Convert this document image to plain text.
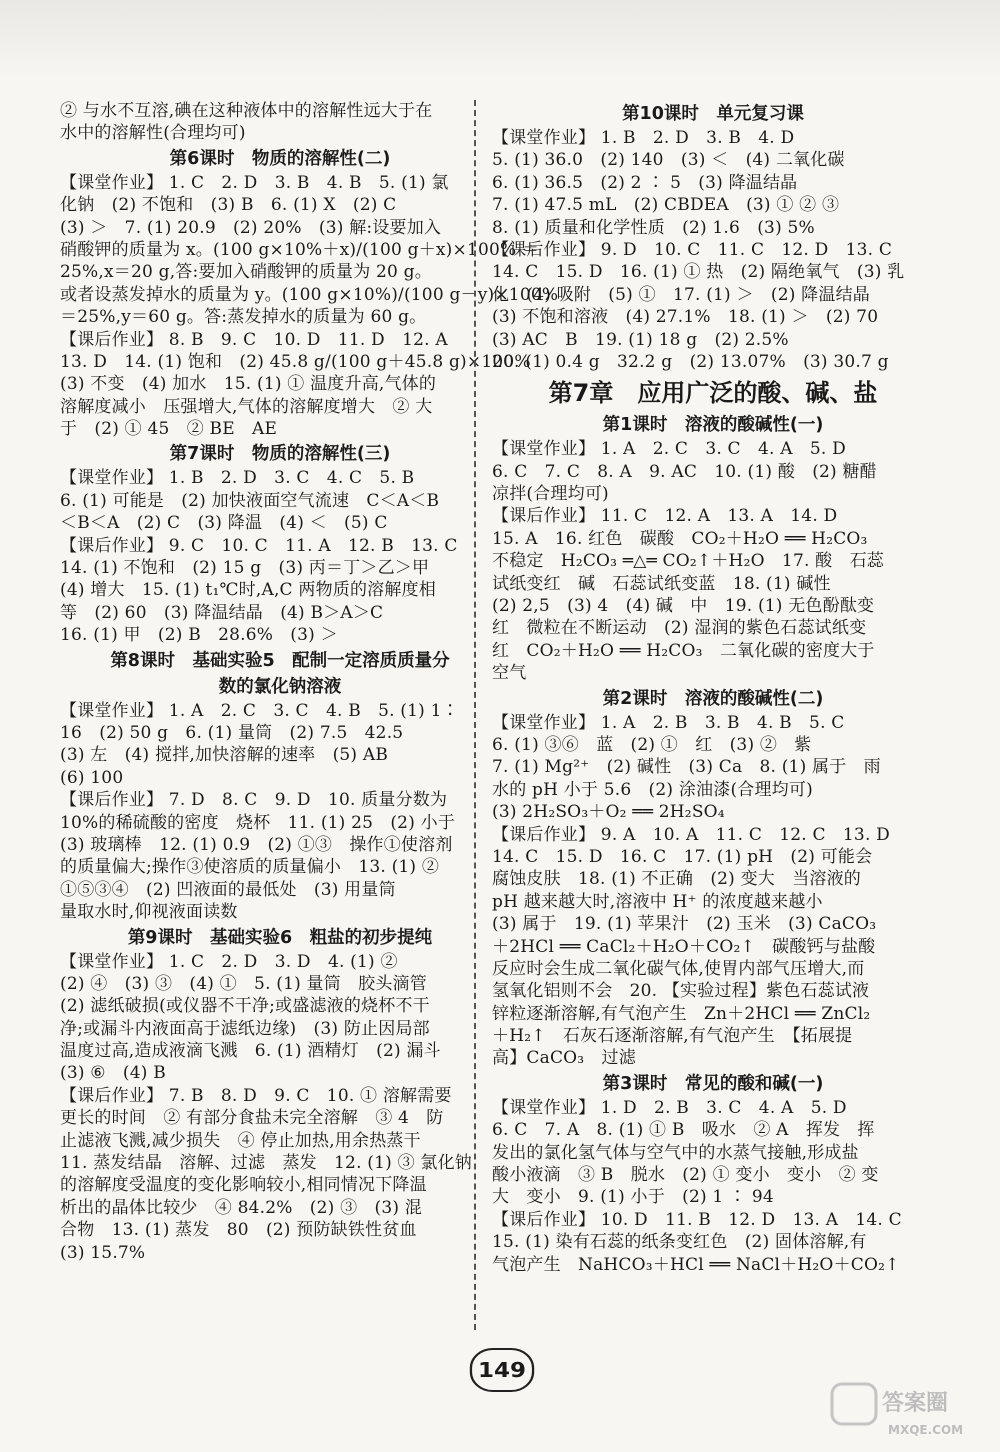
② 与水不互溶,碘在这种液体中的溶解性远大于在
水中的溶解性(合理均可)
第6课时　物质的溶解性(二)
【课堂作业】 1. C　2. D　3. B　4. B　5. (1) 氯
化钠　(2) 不饱和　(3) B　6. (1) X　(2) C
(3) ＞　7. (1) 20.9　(2) 20%　(3) 解:设要加入
硝酸钾的质量为 x。(100 g×10%＋x)/(100 g＋x)×100% ＝
25%,x＝20 g,答:要加入硝酸钾的质量为 20 g。
或者设蒸发掉水的质量为 y。(100 g×10%)/(100 g－y)×100%
＝25%,y＝60 g。答:蒸发掉水的质量为 60 g。
【课后作业】 8. B　9. C　10. D　11. D　12. A
13. D　14. (1) 饱和　(2) 45.8 g/(100 g＋45.8 g)×100%
(3) 不变　(4) 加水　15. (1) ① 温度升高,气体的
溶解度减小　压强增大,气体的溶解度增大　② 大
于　(2) ① 45　② BE　AE
第7课时　物质的溶解性(三)
【课堂作业】 1. B　2. D　3. C　4. C　5. B
6. (1) 可能是　(2) 加快液面空气流速　C＜A＜B
＜B＜A　(2) C　(3) 降温　(4) ＜　(5) C
【课后作业】 9. C　10. C　11. A　12. B　13. C
14. (1) 不饱和　(2) 15 g　(3) 丙＝丁＞乙＞甲
(4) 增大　15. (1) t₁℃时,A,C 两物质的溶解度相
等　(2) 60　(3) 降温结晶　(4) B＞A＞C
16. (1) 甲　(2) B　28.6%　(3) ＞
第8课时　基础实验5　配制一定溶质质量分
数的氯化钠溶液
【课堂作业】 1. A　2. C　3. C　4. B　5. (1) 1∶
16　(2) 50 g　6. (1) 量筒　(2) 7.5　42.5
(3) 左　(4) 搅拌,加快溶解的速率　(5) AB
(6) 100
【课后作业】 7. D　8. C　9. D　10. 质量分数为
10%的稀硫酸的密度　烧杯　11. (1) 25　(2) 小于
(3) 玻璃棒　12. (1) 0.9　(2) ①③　操作①使溶剂
的质量偏大;操作③使溶质的质量偏小　13. (1) ②
①⑤③④　(2) 凹液面的最低处　(3) 用量筒
量取水时,仰视液面读数
第9课时　基础实验6　粗盐的初步提纯
【课堂作业】 1. C　2. D　3. D　4. (1) ②
(2) ④　(3) ③　(4) ①　5. (1) 量筒　胶头滴管
(2) 滤纸破损(或仪器不干净;或盛滤液的烧杯不干
净;或漏斗内液面高于滤纸边缘)　(3) 防止因局部
温度过高,造成液滴飞溅　6. (1) 酒精灯　(2) 漏斗
(3) ⑥　(4) B
【课后作业】 7. B　8. D　9. C　10. ① 溶解需要
更长的时间　② 有部分食盐未完全溶解　③ 4　防
止滤液飞溅,减少损失　④ 停止加热,用余热蒸干
11. 蒸发结晶　溶解、过滤　蒸发　12. (1) ③ 氯化钠
的溶解度受温度的变化影响较小,相同情况下降温
析出的晶体比较少　④ 84.2%　(2) ③　(3) 混
合物　13. (1) 蒸发　80　(2) 预防缺铁性贫血
(3) 15.7%
第10课时　单元复习课
【课堂作业】 1. B　2. D　3. B　4. D
5. (1) 36.0　(2) 140　(3) ＜　(4) 二氧化碳
6. (1) 36.5　(2) 2 ∶ 5　(3) 降温结晶
7. (1) 47.5 mL　(2) CBDEA　(3) ① ② ③
8. (1) 质量和化学性质　(2) 1.6　(3) 5%
【课后作业】 9. D　10. C　11. C　12. D　13. C
14. C　15. D　16. (1) ① 热　(2) 隔绝氧气　(3) 乳
化　(4) 吸附　(5) ①　17. (1) ＞　(2) 降温结晶
(3) 不饱和溶液　(4) 27.1%　18. (1) ＞　(2) 70
(3) AC　B　19. (1) 18 g　(2) 2.5%
20. (1) 0.4 g　32.2 g　(2) 13.07%　(3) 30.7 g
第7章　应用广泛的酸、碱、盐
第1课时　溶液的酸碱性(一)
【课堂作业】 1. A　2. C　3. C　4. A　5. D
6. C　7. C　8. A　9. AC　10. (1) 酸　(2) 糖醋
凉拌(合理均可)
【课后作业】 11. C　12. A　13. A　14. D
15. A　16. 红色　碳酸　CO₂＋H₂O ══ H₂CO₃
不稳定　H₂CO₃ ═△═ CO₂↑＋H₂O　17. 酸　石蕊
试纸变红　碱　石蕊试纸变蓝　18. (1) 碱性
(2) 2,5　(3) 4　(4) 碱　中　19. (1) 无色酚酞变
红　微粒在不断运动　(2) 湿润的紫色石蕊试纸变
红　CO₂＋H₂O ══ H₂CO₃　二氧化碳的密度大于
空气
第2课时　溶液的酸碱性(二)
【课堂作业】 1. A　2. B　3. B　4. B　5. C
6. (1) ③⑥　蓝　(2) ①　红　(3) ②　紫
7. (1) Mg²⁺　(2) 碱性　(3) Ca　8. (1) 属于　雨
水的 pH 小于 5.6　(2) 涂油漆(合理均可)
(3) 2H₂SO₃＋O₂ ══ 2H₂SO₄
【课后作业】 9. A　10. A　11. C　12. C　13. D
14. C　15. D　16. C　17. (1) pH　(2) 可能会
腐蚀皮肤　18. (1) 不正确　(2) 变大　当溶液的
pH 越来越大时,溶液中 H⁺ 的浓度越来越小
(3) 属于　19. (1) 苹果汁　(2) 玉米　(3) CaCO₃
＋2HCl ══ CaCl₂＋H₂O＋CO₂↑　碳酸钙与盐酸
反应时会生成二氧化碳气体,使胃内部气压增大,而
氢氧化铝则不会　20. 【实验过程】紫色石蕊试液
锌粒逐渐溶解,有气泡产生　Zn＋2HCl ══ ZnCl₂
＋H₂↑　石灰石逐渐溶解,有气泡产生　【拓展提
高】CaCO₃　过滤
第3课时　常见的酸和碱(一)
【课堂作业】 1. D　2. B　3. C　4. A　5. D
6. C　7. A　8. (1) ① B　吸水　② A　挥发　挥
发出的氯化氢气体与空气中的水蒸气接触,形成盐
酸小液滴　③ B　脱水　(2) ① 变小　变小　② 变
大　变小　9. (1) 小于　(2) 1 ∶ 94
【课后作业】 10. D　11. B　12. D　13. A　14. C
15. (1) 染有石蕊的纸条变红色　(2) 固体溶解,有
气泡产生　NaHCO₃＋HCl ══ NaCl＋H₂O＋CO₂↑
149
答案圈
MXQE.COM
